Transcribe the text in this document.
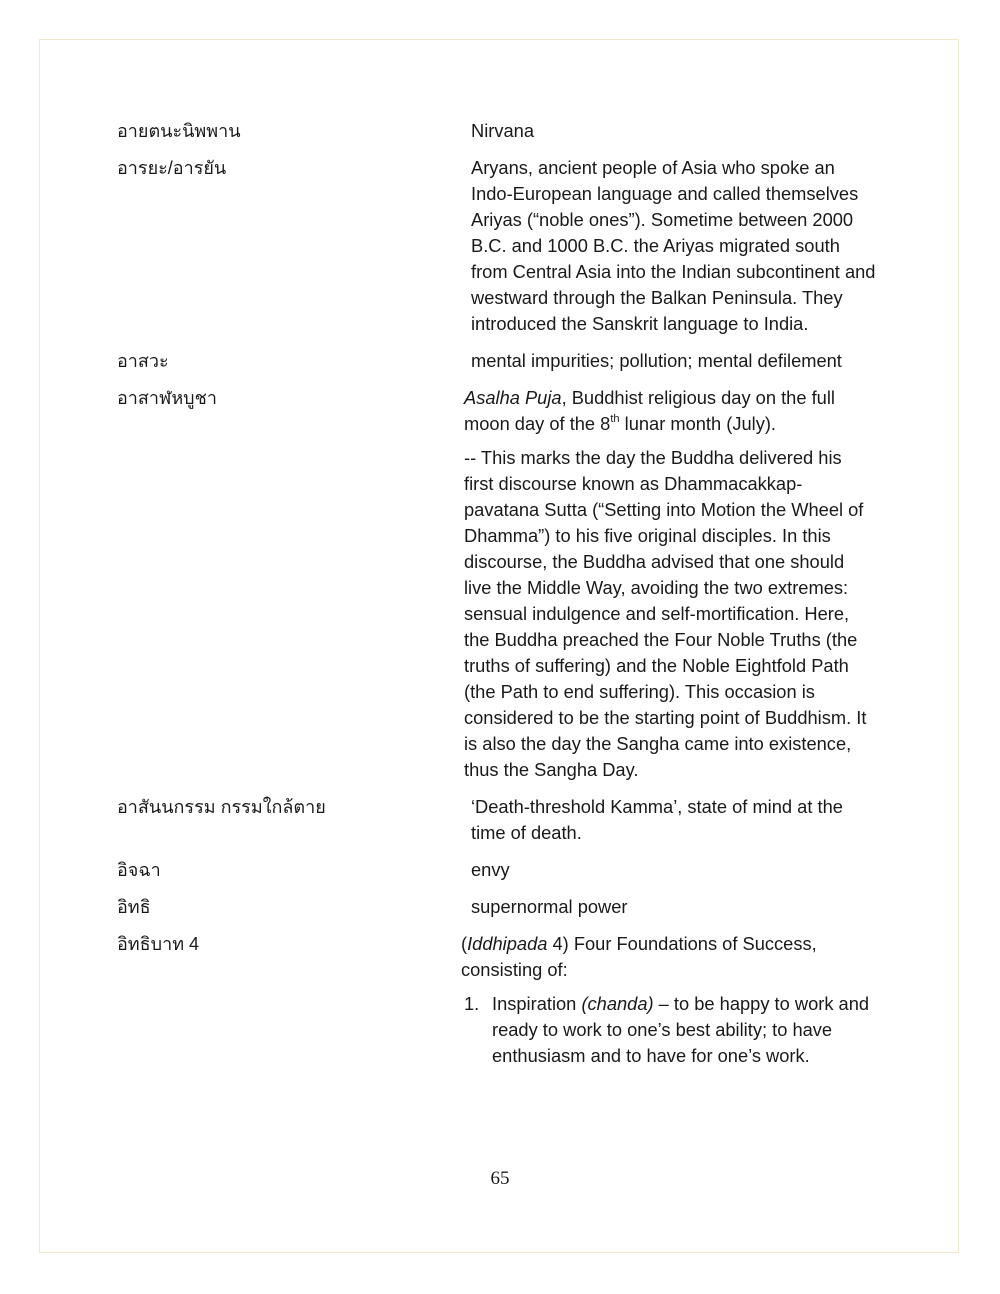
อายตนะนิพพาน	Nirvana

อารยะ/อารยัน	Aryans, ancient people of Asia who spoke an Indo-European language and called themselves Ariyas (“noble ones”). Sometime between 2000 B.C. and 1000 B.C. the Ariyas migrated south from Central Asia into the Indian subcontinent and westward through the Balkan Peninsula. They introduced the Sanskrit language to India.

อาสวะ	mental impurities; pollution; mental defilement

อาสาฬหบูชา	Asalha Puja, Buddhist religious day on the full moon day of the 8th lunar month (July).

-- This marks the day the Buddha delivered his first discourse known as Dhammacakkap-pavatana Sutta (“Setting into Motion the Wheel of Dhamma”) to his five original disciples. In this discourse, the Buddha advised that one should live the Middle Way, avoiding the two extremes: sensual indulgence and self-mortification. Here, the Buddha preached the Four Noble Truths (the truths of suffering) and the Noble Eightfold Path (the Path to end suffering). This occasion is considered to be the starting point of Buddhism. It is also the day the Sangha came into existence, thus the Sangha Day.

อาสันนกรรม กรรมใกล้ตาย	‘Death-threshold Kamma’, state of mind at the time of death.

อิจฉา	envy

อิทธิ	supernormal power

อิทธิบาท 4	(Iddhipada 4) Four Foundations of Success, consisting of:

1. Inspiration (chanda) – to be happy to work and ready to work to one’s best ability; to have enthusiasm and to have for one’s work.
65
